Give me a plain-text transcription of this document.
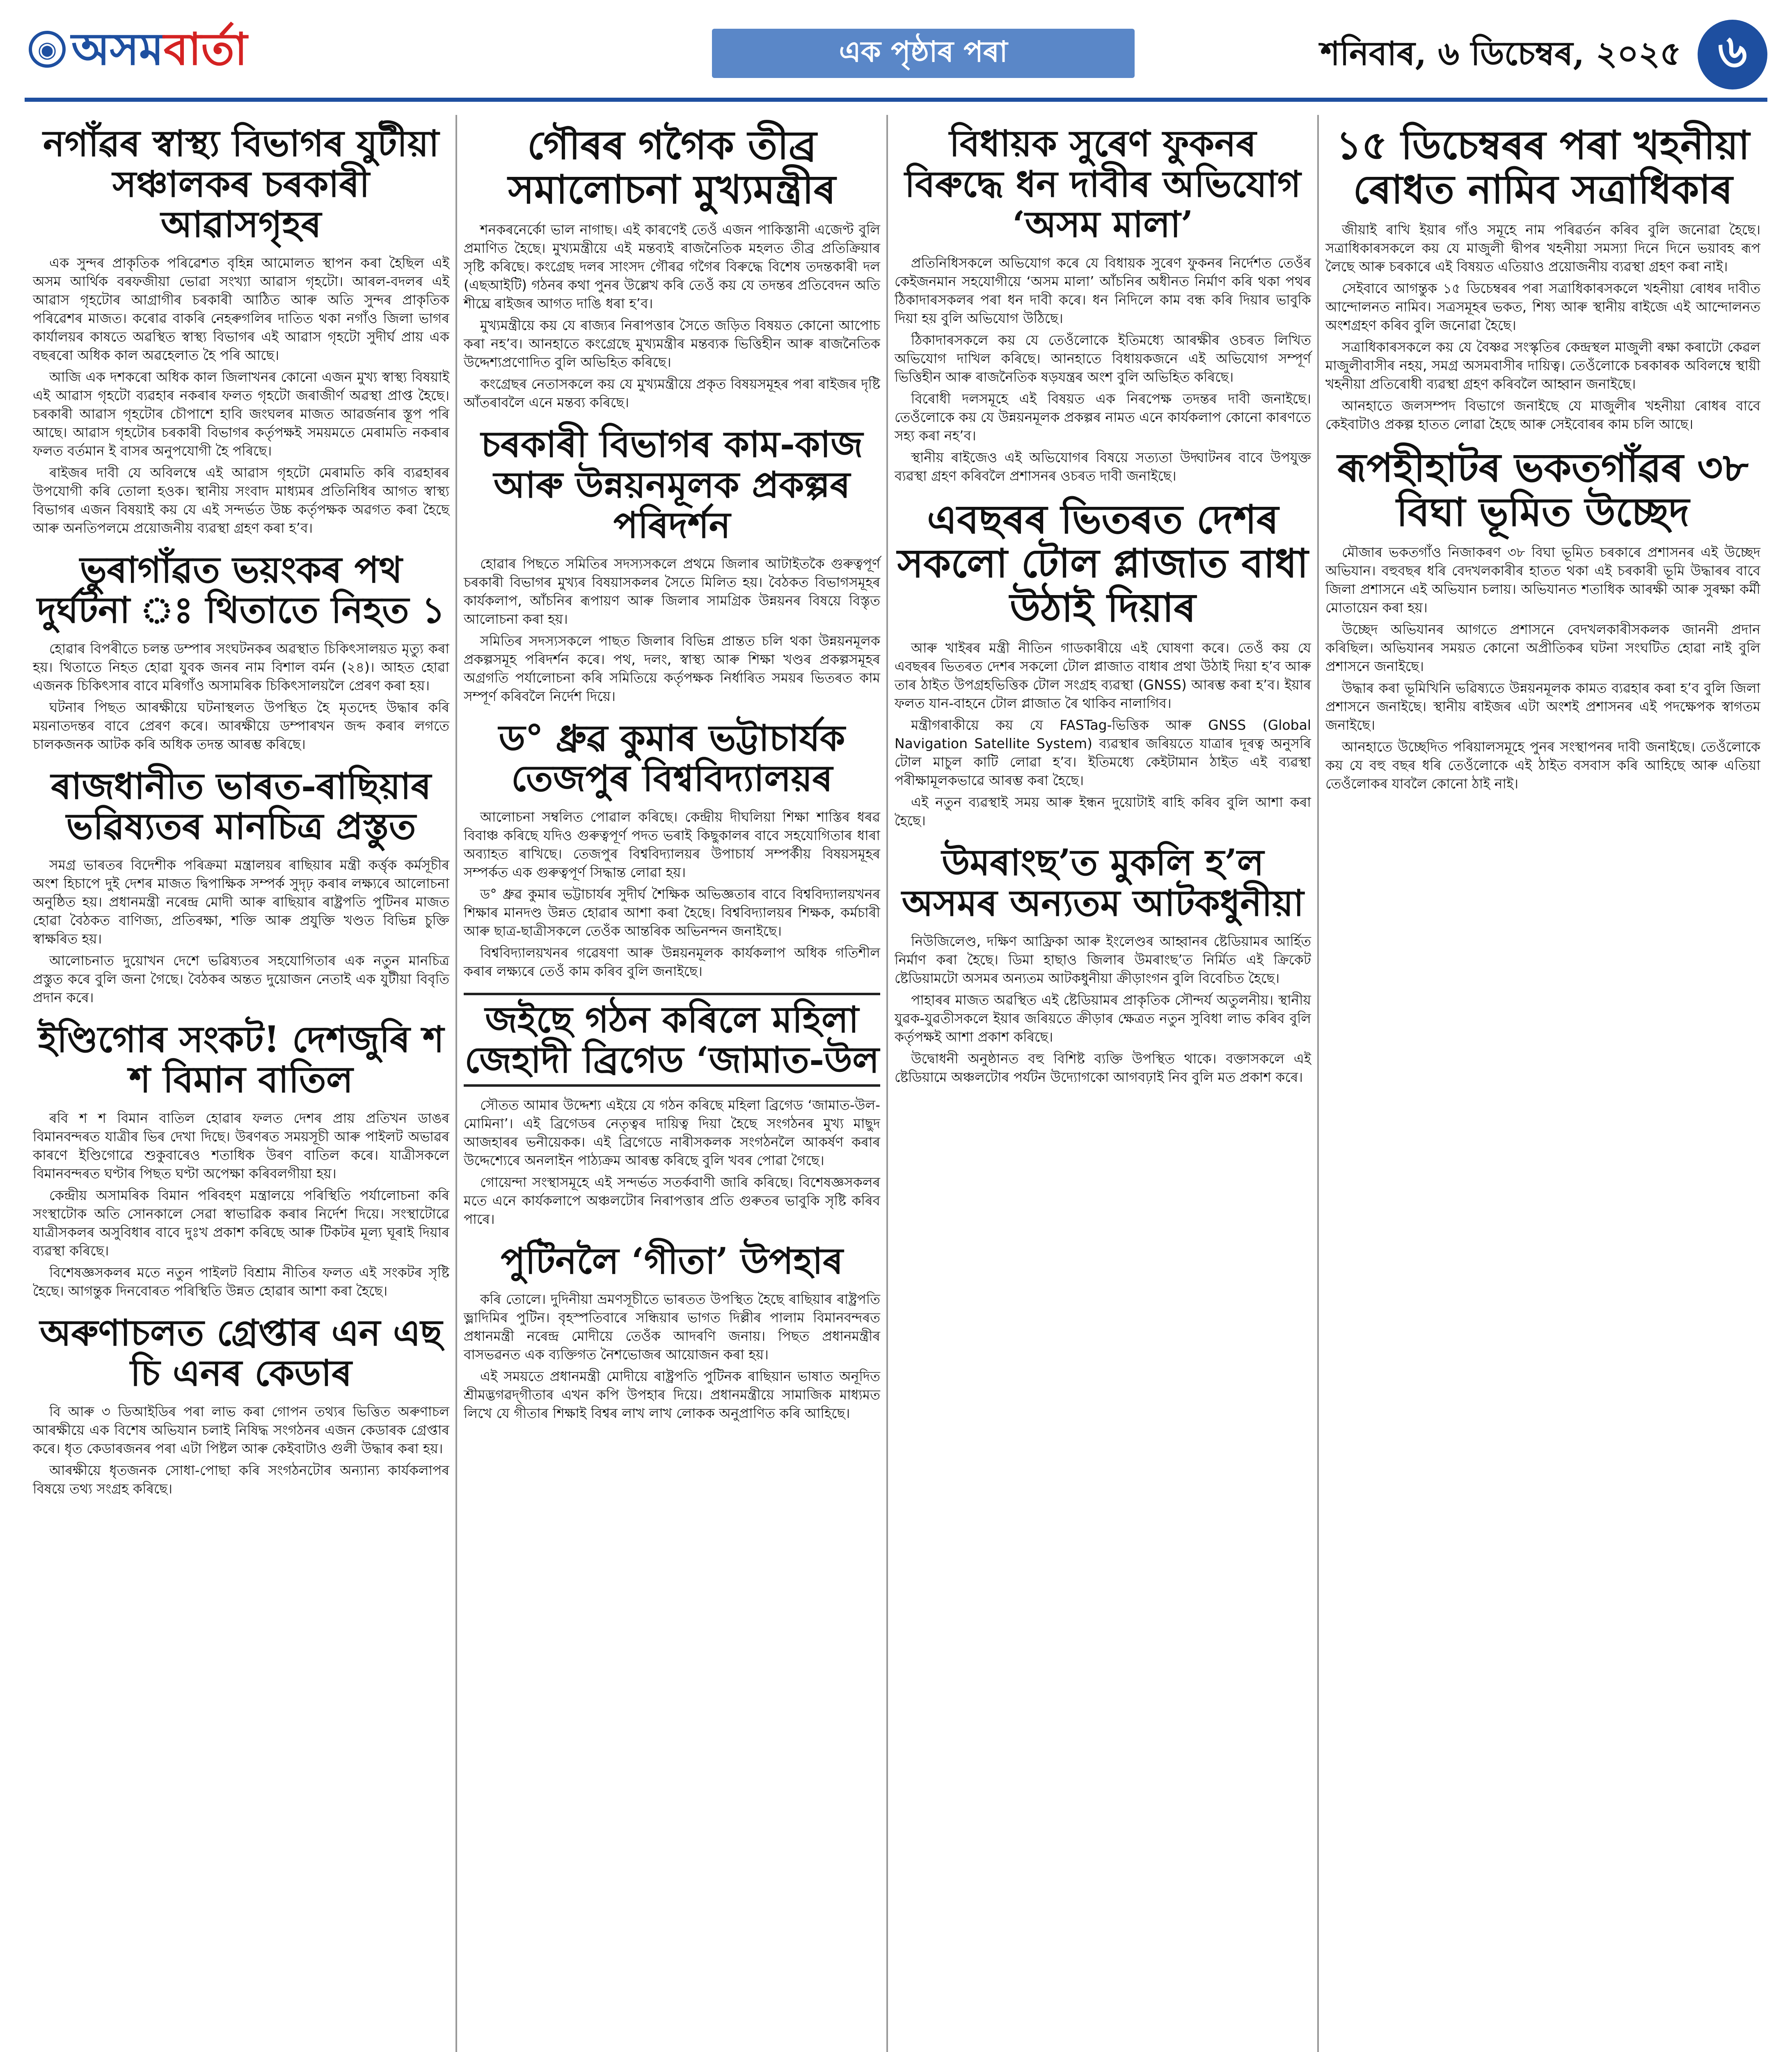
◉ অসমবাৰ্তা	এক পৃষ্ঠাৰ পৰা	শনিবাৰ, ৬ ডিচেম্বৰ, ২০২৫ ৬
নগাঁৱৰ স্বাস্থ্য বিভাগৰ যুটীয়া সঞ্চালকৰ চৰকাৰী আৱাসগৃহৰ

এক সুন্দৰ প্ৰাকৃতিক পৰিৱেশত বৃহিন্ন আমোলত স্থাপন কৰা হৈছিল এই অসম আৰ্থিক বৰফজীয়া ভোৱা সংখ্যা আৱাস গৃহটো। আৰল-বদলৰ এই আৱাস গৃহটোৰ আগ্ৰাগীৰ চৰকাৰী আঠিত আৰু অতি সুন্দৰ প্ৰাকৃতিক পৰিৱেশৰ মাজত। কৰোৱ বাকৰি নেহৰুগলিৰ দাতিত থকা নগাঁও জিলা ভাগৰ কাৰ্যালয়ৰ কাষতে অৱস্থিত স্বাস্থ্য বিভাগৰ এই আৱাস গৃহটো সুদীৰ্ঘ প্ৰায় এক বছৰৰো অধিক কাল অৱহেলাত হৈ পৰি আছে।

আজি এক দশকৰো অধিক কাল জিলাখনৰ কোনো এজন মুখ্য স্বাস্থ্য বিষয়াই এই আৱাস গৃহটো ব্যৱহাৰ নকৰাৰ ফলত গৃহটো জৰাজীৰ্ণ অৱস্থা প্ৰাপ্ত হৈছে। চৰকাৰী আৱাস গৃহটোৰ চৌপাশে হাবি জংঘলৰ মাজত আৱৰ্জনাৰ স্তূপ পৰি আছে। আৱাস গৃহটোৰ চৰকাৰী বিভাগৰ কৰ্তৃপক্ষই সময়মতে মেৰামতি নকৰাৰ ফলত বৰ্তমান ই বাসৰ অনুপযোগী হৈ পৰিছে।

ৰাইজৰ দাবী যে অবিলম্বে এই আৱাস গৃহটো মেৰামতি কৰি ব্যৱহাৰৰ উপযোগী কৰি তোলা হওক। স্থানীয় সংবাদ মাধ্যমৰ প্ৰতিনিধিৰ আগত স্বাস্থ্য বিভাগৰ এজন বিষয়াই কয় যে এই সন্দৰ্ভত উচ্চ কৰ্তৃপক্ষক অৱগত কৰা হৈছে আৰু অনতিপলমে প্ৰয়োজনীয় ব্যৱস্থা গ্ৰহণ কৰা হ’ব।

ভুৰাগাঁৱত ভয়ংকৰ পথ দুৰ্ঘটনা ঃ থিতাতে নিহত ১

হোৱাৰ বিপৰীতে চলন্ত ডম্পাৰ সংঘটনকৰ অৱস্থাত চিকিৎসালয়ত মৃত্যু কৰা হয়। থিতাতে নিহত হোৱা যুবক জনৰ নাম বিশাল বৰ্মন (২৪)। আহত হোৱা এজনক চিকিৎসাৰ বাবে মৰিগাঁও অসামৰিক চিকিৎসালয়লৈ প্ৰেৰণ কৰা হয়।

ঘটনাৰ পিছত আৰক্ষীয়ে ঘটনাস্থলত উপস্থিত হৈ মৃতদেহ উদ্ধাৰ কৰি ময়নাতদন্তৰ বাবে প্ৰেৰণ কৰে। আৰক্ষীয়ে ডম্পাৰখন জব্দ কৰাৰ লগতে চালকজনক আটক কৰি অধিক তদন্ত আৰম্ভ কৰিছে।

ৰাজধানীত ভাৰত-ৰাছিয়াৰ ভৱিষ্যতৰ মানচিত্ৰ প্ৰস্তুত

সমগ্ৰ ভাৰতৰ বিদেশীক পৰিক্ৰমা মন্ত্ৰালয়ৰ ৰাছিয়াৰ মন্ত্ৰী কৰ্ত্তৃক কৰ্মসূচীৰ অংশ হিচাপে দুই দেশৰ মাজত দ্বিপাক্ষিক সম্পৰ্ক সুদৃঢ় কৰাৰ লক্ষ্যৰে আলোচনা অনুষ্ঠিত হয়। প্ৰধানমন্ত্ৰী নৰেন্দ্ৰ মোদী আৰু ৰাছিয়াৰ ৰাষ্ট্ৰপতি পুটিনৰ মাজত হোৱা বৈঠকত বাণিজ্য, প্ৰতিৰক্ষা, শক্তি আৰু প্ৰযুক্তি খণ্ডত বিভিন্ন চুক্তি স্বাক্ষৰিত হয়।

আলোচনাত দুয়োখন দেশে ভৱিষ্যতৰ সহযোগিতাৰ এক নতুন মানচিত্ৰ প্ৰস্তুত কৰে বুলি জনা গৈছে। বৈঠকৰ অন্তত দুয়োজন নেতাই এক যুটীয়া বিবৃতি প্ৰদান কৰে।

ইণ্ডিগোৰ সংকট! দেশজুৰি শ শ বিমান বাতিল

ৰবি শ শ বিমান বাতিল হোৱাৰ ফলত দেশৰ প্ৰায় প্ৰতিখন ডাঙৰ বিমানবন্দৰত যাত্ৰীৰ ভিৰ দেখা দিছে। উৰণৰত সময়সূচী আৰু পাইলট অভাৱৰ কাৰণে ইণ্ডিগোৱে শুকুবাৰেও শতাধিক উৰণ বাতিল কৰে। যাত্ৰীসকলে বিমানবন্দৰত ঘণ্টাৰ পিছত ঘণ্টা অপেক্ষা কৰিবলগীয়া হয়।

কেন্দ্ৰীয় অসামৰিক বিমান পৰিবহণ মন্ত্ৰালয়ে পৰিস্থিতি পৰ্যালোচনা কৰি সংস্থাটোক অতি সোনকালে সেৱা স্বাভাৱিক কৰাৰ নিৰ্দেশ দিয়ে। সংস্থাটোৱে যাত্ৰীসকলৰ অসুবিধাৰ বাবে দুঃখ প্ৰকাশ কৰিছে আৰু টিকটৰ মূল্য ঘূৰাই দিয়াৰ ব্যৱস্থা কৰিছে।

বিশেষজ্ঞসকলৰ মতে নতুন পাইলট বিশ্ৰাম নীতিৰ ফলত এই সংকটৰ সৃষ্টি হৈছে। আগন্তুক দিনবোৰত পৰিস্থিতি উন্নত হোৱাৰ আশা কৰা হৈছে।

অৰুণাচলত গ্ৰেপ্তাৰ এন এছ চি এনৰ কেডাৰ

বি আৰু ৩ ডিআইডিৰ পৰা লাভ কৰা গোপন তথ্যৰ ভিত্তিত অৰুণাচল আৰক্ষীয়ে এক বিশেষ অভিযান চলাই নিষিদ্ধ সংগঠনৰ এজন কেডাৰক গ্ৰেপ্তাৰ কৰে। ধৃত কেডাৰজনৰ পৰা এটা পিষ্টল আৰু কেইবাটাও গুলী উদ্ধাৰ কৰা হয়।

আৰক্ষীয়ে ধৃতজনক সোধা-পোছা কৰি সংগঠনটোৰ অন্যান্য কাৰ্যকলাপৰ বিষয়ে তথ্য সংগ্ৰহ কৰিছে।

গৌৰৰ গগৈক তীব্ৰ সমালোচনা মুখ্যমন্ত্ৰীৰ

শনকৰনেৰ্কো ভাল নাগাছ। এই কাৰণেই তেওঁ এজন পাকিস্তানী এজেণ্ট বুলি প্ৰমাণিত হৈছে। মুখ্যমন্ত্ৰীয়ে এই মন্তব্যই ৰাজনৈতিক মহলত তীব্ৰ প্ৰতিক্ৰিয়াৰ সৃষ্টি কৰিছে। কংগ্ৰেছ দলৰ সাংসদ গৌৰৱ গগৈৰ বিৰুদ্ধে বিশেষ তদন্তকাৰী দল (এছআইটি) গঠনৰ কথা পুনৰ উল্লেখ কৰি তেওঁ কয় যে তদন্তৰ প্ৰতিবেদন অতি শীঘ্ৰে ৰাইজৰ আগত দাঙি ধৰা হ’ব।

মুখ্যমন্ত্ৰীয়ে কয় যে ৰাজ্যৰ নিৰাপত্তাৰ সৈতে জড়িত বিষয়ত কোনো আপোচ কৰা নহ’ব। আনহাতে কংগ্ৰেছে মুখ্যমন্ত্ৰীৰ মন্তব্যক ভিত্তিহীন আৰু ৰাজনৈতিক উদ্দেশ্যপ্ৰণোদিত বুলি অভিহিত কৰিছে।

কংগ্ৰেছৰ নেতাসকলে কয় যে মুখ্যমন্ত্ৰীয়ে প্ৰকৃত বিষয়সমূহৰ পৰা ৰাইজৰ দৃষ্টি আঁতৰাবলৈ এনে মন্তব্য কৰিছে।

চৰকাৰী বিভাগৰ কাম-কাজ আৰু উন্নয়নমূলক প্ৰকল্পৰ পৰিদৰ্শন

হোৱাৰ পিছতে সমিতিৰ সদস্যসকলে প্ৰথমে জিলাৰ আটাইতকৈ গুৰুত্বপূৰ্ণ চৰকাৰী বিভাগৰ মুখ্যৰ বিষয়াসকলৰ সৈতে মিলিত হয়। বৈঠকত বিভাগসমূহৰ কাৰ্যকলাপ, আঁচনিৰ ৰূপায়ণ আৰু জিলাৰ সামগ্ৰিক উন্নয়নৰ বিষয়ে বিস্তৃত আলোচনা কৰা হয়।

সমিতিৰ সদস্যসকলে পাছত জিলাৰ বিভিন্ন প্ৰান্তত চলি থকা উন্নয়নমূলক প্ৰকল্পসমূহ পৰিদৰ্শন কৰে। পথ, দলং, স্বাস্থ্য আৰু শিক্ষা খণ্ডৰ প্ৰকল্পসমূহৰ অগ্ৰগতি পৰ্যালোচনা কৰি সমিতিয়ে কৰ্তৃপক্ষক নিৰ্ধাৰিত সময়ৰ ভিতৰত কাম সম্পূৰ্ণ কৰিবলৈ নিৰ্দেশ দিয়ে।

ড° ধ্ৰুৱ কুমাৰ ভট্টাচাৰ্যক তেজপুৰ বিশ্ববিদ্যালয়ৰ

আলোচনা সম্বলিত পোৱাল কৰিছে। কেন্দ্ৰীয় দীঘলিয়া শিক্ষা শাস্তিৰ ধৰৱ বিবাঞ্চ কৰিছে যদিও গুৰুত্বপূৰ্ণ পদত ভৰাই কিছুকালৰ বাবে সহযোগিতাৰ ধাৰা অব্যাহত ৰাখিছে। তেজপুৰ বিশ্ববিদ্যালয়ৰ উপাচাৰ্য সম্পৰ্কীয় বিষয়সমূহৰ সম্পৰ্কত এক গুৰুত্বপূৰ্ণ সিদ্ধান্ত লোৱা হয়।

ড° ধ্ৰুৱ কুমাৰ ভট্টাচাৰ্যৰ সুদীৰ্ঘ শৈক্ষিক অভিজ্ঞতাৰ বাবে বিশ্ববিদ্যালয়খনৰ শিক্ষাৰ মানদণ্ড উন্নত হোৱাৰ আশা কৰা হৈছে। বিশ্ববিদ্যালয়ৰ শিক্ষক, কৰ্মচাৰী আৰু ছাত্ৰ-ছাত্ৰীসকলে তেওঁক আন্তৰিক অভিনন্দন জনাইছে।

বিশ্ববিদ্যালয়খনৰ গৱেষণা আৰু উন্নয়নমূলক কাৰ্যকলাপ অধিক গতিশীল কৰাৰ লক্ষ্যৰে তেওঁ কাম কৰিব বুলি জনাইছে।

জইছে গঠন কৰিলে মহিলা জেহাদী ব্ৰিগেড ‘জামাত-উল

সৌতত আমাৰ উদ্দেশ্য এইয়ে যে গঠন কৰিছে মহিলা ব্ৰিগেড ‘জামাত-উল-মোমিনা’। এই ব্ৰিগেডৰ নেতৃত্বৰ দায়িত্ব দিয়া হৈছে সংগঠনৰ মুখ্য মাছুদ আজহাৰৰ ভনীয়েকক। এই ব্ৰিগেডে নাৰীসকলক সংগঠনলৈ আকৰ্ষণ কৰাৰ উদ্দেশ্যেৰে অনলাইন পাঠ্যক্ৰম আৰম্ভ কৰিছে বুলি খবৰ পোৱা গৈছে।

গোয়েন্দা সংস্থাসমূহে এই সন্দৰ্ভত সতৰ্কবাণী জাৰি কৰিছে। বিশেষজ্ঞসকলৰ মতে এনে কাৰ্যকলাপে অঞ্চলটোৰ নিৰাপত্তাৰ প্ৰতি গুৰুতৰ ভাবুকি সৃষ্টি কৰিব পাৰে।

পুটিনলৈ ‘গীতা’ উপহাৰ

কৰি তোলে। দুদিনীয়া ভ্ৰমণসূচীতে ভাৰতত উপস্থিত হৈছে ৰাছিয়াৰ ৰাষ্ট্ৰপতি ভ্লাদিমিৰ পুটিন। বৃহস্পতিবাৰে সন্ধিয়াৰ ভাগত দিল্লীৰ পালাম বিমানবন্দৰত প্ৰধানমন্ত্ৰী নৰেন্দ্ৰ মোদীয়ে তেওঁক আদৰণি জনায়। পিছত প্ৰধানমন্ত্ৰীৰ বাসভৱনত এক ব্যক্তিগত নৈশভোজৰ আয়োজন কৰা হয়।

এই সময়তে প্ৰধানমন্ত্ৰী মোদীয়ে ৰাষ্ট্ৰপতি পুটিনক ৰাছিয়ান ভাষাত অনূদিত শ্ৰীমদ্ভগৱদ্‌গীতাৰ এখন কপি উপহাৰ দিয়ে। প্ৰধানমন্ত্ৰীয়ে সামাজিক মাধ্যমত লিখে যে গীতাৰ শিক্ষাই বিশ্বৰ লাখ লাখ লোকক অনুপ্ৰাণিত কৰি আহিছে।

বিধায়ক সুৰেণ ফুকনৰ বিৰুদ্ধে ধন দাবীৰ অভিযোগ ‘অসম মালা’

প্ৰতিনিধিসকলে অভিযোগ কৰে যে বিধায়ক সুৰেণ ফুকনৰ নিৰ্দেশত তেওঁৰ কেইজনমান সহযোগীয়ে ‘অসম মালা’ আঁচনিৰ অধীনত নিৰ্মাণ কৰি থকা পথৰ ঠিকাদাৰসকলৰ পৰা ধন দাবী কৰে। ধন নিদিলে কাম বন্ধ কৰি দিয়াৰ ভাবুকি দিয়া হয় বুলি অভিযোগ উঠিছে।

ঠিকাদাৰসকলে কয় যে তেওঁলোকে ইতিমধ্যে আৰক্ষীৰ ওচৰত লিখিত অভিযোগ দাখিল কৰিছে। আনহাতে বিধায়কজনে এই অভিযোগ সম্পূৰ্ণ ভিত্তিহীন আৰু ৰাজনৈতিক ষড়যন্ত্ৰৰ অংশ বুলি অভিহিত কৰিছে।

বিৰোধী দলসমূহে এই বিষয়ত এক নিৰপেক্ষ তদন্তৰ দাবী জনাইছে। তেওঁলোকে কয় যে উন্নয়নমূলক প্ৰকল্পৰ নামত এনে কাৰ্যকলাপ কোনো কাৰণতে সহ্য কৰা নহ’ব।

স্থানীয় ৰাইজেও এই অভিযোগৰ বিষয়ে সত্যতা উদ্ঘাটনৰ বাবে উপযুক্ত ব্যৱস্থা গ্ৰহণ কৰিবলৈ প্ৰশাসনৰ ওচৰত দাবী জনাইছে।

এবছৰৰ ভিতৰত দেশৰ সকলো টোল প্লাজাত বাধা উঠাই দিয়াৰ

আৰু খাইৰৰ মন্ত্ৰী নীতিন গাডকাৰীয়ে এই ঘোষণা কৰে। তেওঁ কয় যে এবছৰৰ ভিতৰত দেশৰ সকলো টোল প্লাজাত বাধাৰ প্ৰথা উঠাই দিয়া হ’ব আৰু তাৰ ঠাইত উপগ্ৰহভিত্তিক টোল সংগ্ৰহ ব্যৱস্থা (GNSS) আৰম্ভ কৰা হ’ব। ইয়াৰ ফলত যান-বাহনে টোল প্লাজাত ৰৈ থাকিব নালাগিব।

মন্ত্ৰীগৰাকীয়ে কয় যে FASTag-ভিত্তিক আৰু GNSS (Global Navigation Satellite System) ব্যৱস্থাৰ জৰিয়তে যাত্ৰাৰ দূৰত্ব অনুসৰি টোল মাচুল কাটি লোৱা হ’ব। ইতিমধ্যে কেইটামান ঠাইত এই ব্যৱস্থা পৰীক্ষামূলকভাৱে আৰম্ভ কৰা হৈছে।

এই নতুন ব্যৱস্থাই সময় আৰু ইন্ধন দুয়োটাই ৰাহি কৰিব বুলি আশা কৰা হৈছে।

উমৰাংছ’ত মুকলি হ’ল অসমৰ অন্যতম আটকধুনীয়া

নিউজিলেণ্ড, দক্ষিণ আফ্ৰিকা আৰু ইংলেণ্ডৰ আহ্বানৰ ষ্টেডিয়ামৰ আৰ্হিত নিৰ্মাণ কৰা হৈছে। ডিমা হাছাও জিলাৰ উমৰাংছ’ত নিৰ্মিত এই ক্ৰিকেট ষ্টেডিয়ামটো অসমৰ অন্যতম আটকধুনীয়া ক্ৰীড়াংগন বুলি বিবেচিত হৈছে।

পাহাৰৰ মাজত অৱস্থিত এই ষ্টেডিয়ামৰ প্ৰাকৃতিক সৌন্দৰ্য অতুলনীয়। স্থানীয় যুৱক-যুৱতীসকলে ইয়াৰ জৰিয়তে ক্ৰীড়াৰ ক্ষেত্ৰত নতুন সুবিধা লাভ কৰিব বুলি কৰ্তৃপক্ষই আশা প্ৰকাশ কৰিছে।

উদ্বোধনী অনুষ্ঠানত বহু বিশিষ্ট ব্যক্তি উপস্থিত থাকে। বক্তাসকলে এই ষ্টেডিয়ামে অঞ্চলটোৰ পৰ্যটন উদ্যোগকো আগবঢ়াই নিব বুলি মত প্ৰকাশ কৰে।

১৫ ডিচেম্বৰৰ পৰা খহনীয়া ৰোধত নামিব সত্ৰাধিকাৰ

জীয়াই ৰাখি ইয়াৰ গাঁও সমূহে নাম পৰিৱৰ্তন কৰিব বুলি জনোৱা হৈছে। সত্ৰাধিকাৰসকলে কয় যে মাজুলী দ্বীপৰ খহনীয়া সমস্যা দিনে দিনে ভয়াবহ ৰূপ লৈছে আৰু চৰকাৰে এই বিষয়ত এতিয়াও প্ৰয়োজনীয় ব্যৱস্থা গ্ৰহণ কৰা নাই।

সেইবাবে আগন্তুক ১৫ ডিচেম্বৰৰ পৰা সত্ৰাধিকাৰসকলে খহনীয়া ৰোধৰ দাবীত আন্দোলনত নামিব। সত্ৰসমূহৰ ভকত, শিষ্য আৰু স্থানীয় ৰাইজে এই আন্দোলনত অংশগ্ৰহণ কৰিব বুলি জনোৱা হৈছে।

সত্ৰাধিকাৰসকলে কয় যে বৈষ্ণৱ সংস্কৃতিৰ কেন্দ্ৰস্থল মাজুলী ৰক্ষা কৰাটো কেৱল মাজুলীবাসীৰ নহয়, সমগ্ৰ অসমবাসীৰ দায়িত্ব। তেওঁলোকে চৰকাৰক অবিলম্বে স্থায়ী খহনীয়া প্ৰতিৰোধী ব্যৱস্থা গ্ৰহণ কৰিবলৈ আহ্বান জনাইছে।

আনহাতে জলসম্পদ বিভাগে জনাইছে যে মাজুলীৰ খহনীয়া ৰোধৰ বাবে কেইবাটাও প্ৰকল্প হাতত লোৱা হৈছে আৰু সেইবোৰৰ কাম চলি আছে।

ৰূপহীহাটৰ ভকতগাঁৱৰ ৩৮ বিঘা ভূমিত উচ্ছেদ

মৌজাৰ ভকতগাঁও নিজাকৰণ ৩৮ বিঘা ভূমিত চৰকাৰে প্ৰশাসনৰ এই উচ্ছেদ অভিযান। বহুবছৰ ধৰি বেদখলকাৰীৰ হাতত থকা এই চৰকাৰী ভূমি উদ্ধাৰৰ বাবে জিলা প্ৰশাসনে এই অভিযান চলায়। অভিযানত শতাধিক আৰক্ষী আৰু সুৰক্ষা কৰ্মী মোতায়েন কৰা হয়।

উচ্ছেদ অভিযানৰ আগতে প্ৰশাসনে বেদখলকাৰীসকলক জাননী প্ৰদান কৰিছিল। অভিযানৰ সময়ত কোনো অপ্ৰীতিকৰ ঘটনা সংঘটিত হোৱা নাই বুলি প্ৰশাসনে জনাইছে।

উদ্ধাৰ কৰা ভূমিখিনি ভৱিষ্যতে উন্নয়নমূলক কামত ব্যৱহাৰ কৰা হ’ব বুলি জিলা প্ৰশাসনে জনাইছে। স্থানীয় ৰাইজৰ এটা অংশই প্ৰশাসনৰ এই পদক্ষেপক স্বাগতম জনাইছে।

আনহাতে উচ্ছেদিত পৰিয়ালসমূহে পুনৰ সংস্থাপনৰ দাবী জনাইছে। তেওঁলোকে কয় যে বহু বছৰ ধৰি তেওঁলোকে এই ঠাইত বসবাস কৰি আহিছে আৰু এতিয়া তেওঁলোকৰ যাবলৈ কোনো ঠাই নাই।
